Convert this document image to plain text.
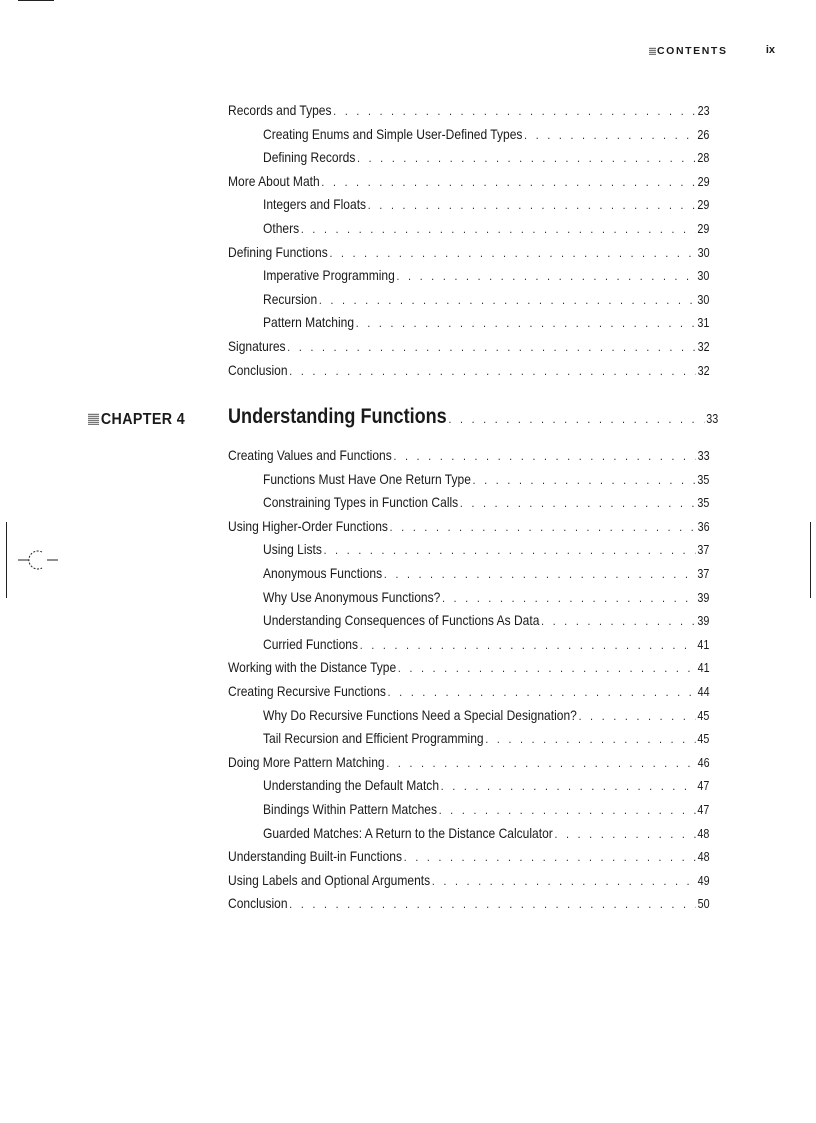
CONTENTS	ix
Records and Types . . .	23
Creating Enums and Simple User-Defined Types . . .	26
Defining Records . . .	28
More About Math . . .	29
Integers and Floats . . .	29
Others . . .	29
Defining Functions . . .	30
Imperative Programming . . .	30
Recursion . . .	30
Pattern Matching . . .	31
Signatures . . .	32
Conclusion . . .	32
CHAPTER 4 Understanding Functions . . .	33
Creating Values and Functions . . .	33
Functions Must Have One Return Type . . .	35
Constraining Types in Function Calls . . .	35
Using Higher-Order Functions . . .	36
Using Lists . . .	37
Anonymous Functions . . .	37
Why Use Anonymous Functions? . . .	39
Understanding Consequences of Functions As Data . . .	39
Curried Functions . . .	41
Working with the Distance Type . . .	41
Creating Recursive Functions . . .	44
Why Do Recursive Functions Need a Special Designation? . . .	45
Tail Recursion and Efficient Programming . . .	45
Doing More Pattern Matching . . .	46
Understanding the Default Match . . .	47
Bindings Within Pattern Matches . . .	47
Guarded Matches: A Return to the Distance Calculator . . .	48
Understanding Built-in Functions . . .	48
Using Labels and Optional Arguments . . .	49
Conclusion . . .	50
